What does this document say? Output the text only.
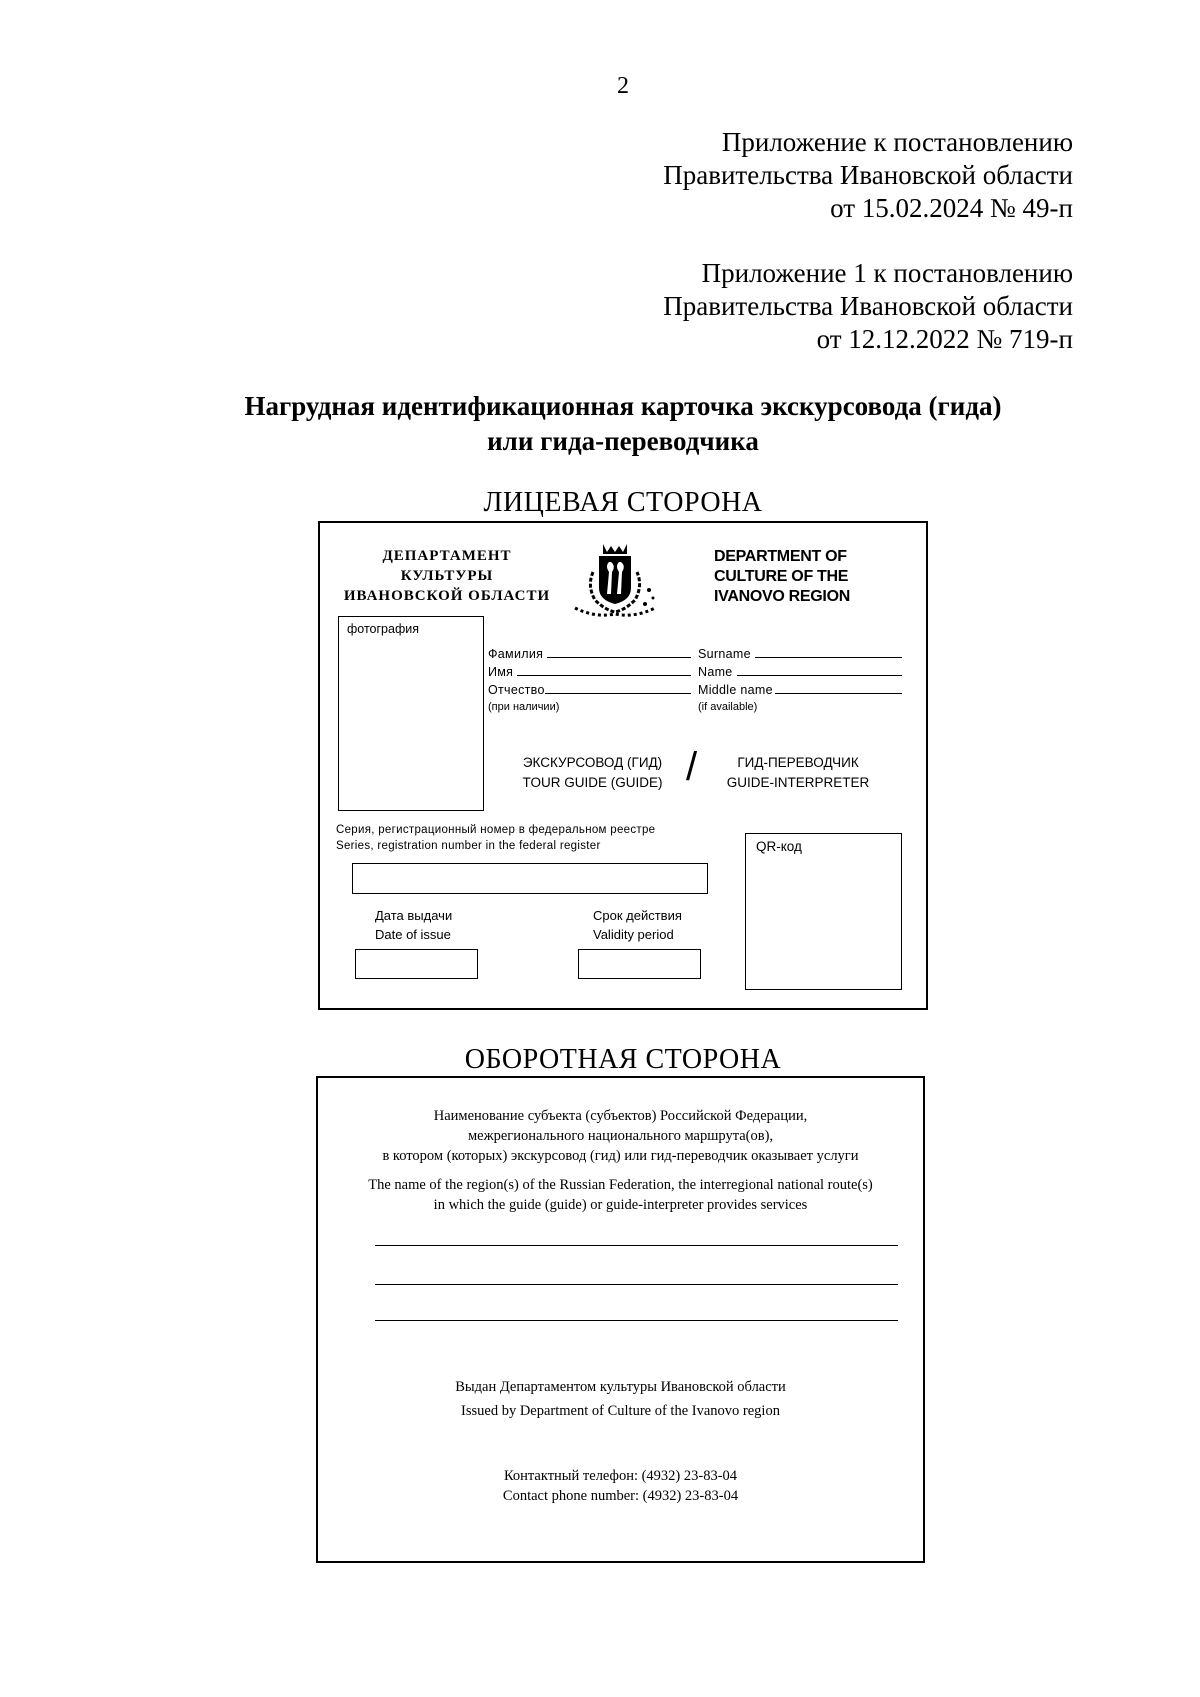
2
Приложение к постановлению
Правительства Ивановской области
от 15.02.2024 № 49-п
Приложение 1 к постановлению
Правительства Ивановской области
от 12.12.2022 № 719-п
Нагрудная идентификационная карточка экскурсовода (гида)
или гида-переводчика
ЛИЦЕВАЯ СТОРОНА
ДЕПАРТАМЕНТ
КУЛЬТУРЫ
ИВАНОВСКОЙ ОБЛАСТИ
DEPARTMENT OF
CULTURE OF THE
IVANOVO REGION
фотография
Фамилия
Имя
Отчество
(при наличии)
Surname
Name
Middle name
(if available)
ЭКСКУРСОВОД (ГИД)
TOUR GUIDE (GUIDE) /	ГИД-ПЕРЕВОДЧИК
GUIDE-INTERPRETER
Серия, регистрационный номер в федеральном реестре
Series, registration number in the federal register	QR-код
Дата выдачи
Date of issue
Срок действия
Validity period
ОБОРОТНАЯ СТОРОНА
Наименование субъекта (субъектов) Российской Федерации,
межрегионального национального маршрута(ов),
в котором (которых) экскурсовод (гид) или гид-переводчик оказывает услуги
The name of the region(s) of the Russian Federation, the interregional national route(s)
in which the guide (guide) or guide-interpreter provides services
Выдан Департаментом культуры Ивановской области
Issued by Department of Culture of the Ivanovo region
Контактный телефон: (4932) 23-83-04
Contact phone number: (4932) 23-83-04
